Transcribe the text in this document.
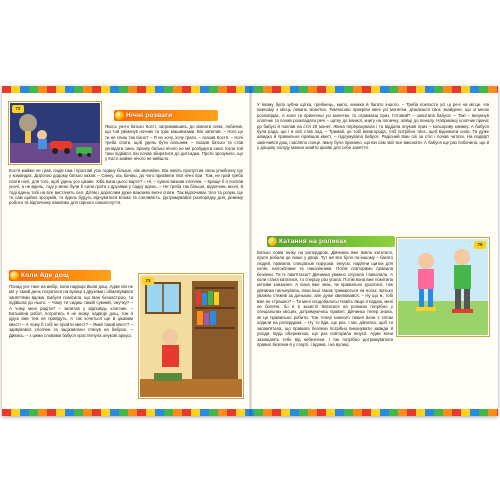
72
• Нічні розваги
Якось уночі батько Кості, затримавшись до кімнати сина, побачив, що той увімкнув ночник та грає машинками. Він запитав: – Чого це ти не спиш так пізно? – Я не хочу, хочу грати, – сказав Костя. – Ночі треба спати, щоб удень бути сильним, – сказав батько та став укладати сина. Зранку батько нічого не міг розбудити сина. Коли той таки підвівся, він почав збиратися до дитсадка. Проте зрозуміло, що у Кості майже нічого не вийшло.
Костя майже не грав, сидів сам і проспав усю годину більше, ніж звичайно. Він навіть пропустив свою улюблену гру у командах. Дорогою додому батько казав: – Синку, ось бачиш, до чого призвели твої нічні ігри. Тож, не грай треба спати ночі, для того, щоб удень усе цікаве. Хіба вона цього варте? – Ні, – сумно визнав хлопчик. – Краще б я поспав уночі, а не вдень, тоді у мене були б сили грати з друзями у садку вдень. – Не треба так більше, відпочинь вночі, й тоді вдень тобі на все вистачить сил. Дітям і дорослим дуже важливо вночі спати. Так відпочиває тіло та розум. Це ти сам щойно зрозумів, то вдень будуть відчуватися втома та сонливість. Дотримувайся розпорядку дня, режиму роботи та відпочинку важливо для гарного самопочуття.
• Коли йде дощ
Понад усе таке на вибір, коли надворі йшов дощ. Адже він не міг у такий день погратися на вулиці з друзями і обмежувався заняттями вдома. Бабуся помітила, що Іван безнастрою, та підійшла до нього. – Чому ти сидиш такий сумний, онучку? – А чому мені радіти? – запитав у відповідь хлопчик. – Батьківна робот, погратись я не можу, надворі дощ, тож я друзі вже теж не прийдуть. А так хочеться ще й цікавим квест! – А чому б тобі не пройти квест? – Який такий квест? – здивувався хлопчик та зацікавлено глянув на бабусю. – Дивись, – з цими словами бабуся простягнула онукові аркуш.
73
У якому була зубна щітка, гребінець, мило, книжка й багато іншого. – Треба покласти усі ці речі на місце. На кожному з місць лежить монетка. Тимчасово прикріпи мені усі монетки, дізнаєшся своє знайдене, що зі мною розповідає. А коли ти принесеш усі монетки, то отримаєш приз. Готовий? – запитала бабуся. – Так! – вигукнув хлопчик та почав розкладати речі – щітку до ванної, книгу на поличку, олівці до пеналу. Наприкінці хлопчик приніс до бабусі й поклав на стіл 20 монет. Жінка перерахувала і та віддала онукові приз – кольорову книжку. А бабуся була рада, що і в хаті став лад. – Тримай, це тобі винагорода, тобі потрібно твоє, щоб відновити сили. Ти дуже швидко й правильно пройшов квест, – підсумувала бабуся. Радісний Іван сів за стіл і почав читати. На подвір'ї закінчився дощ і засяяло сонце. Івану було приємно, що він сам зміг все виконати. А бабуся ще раз побачила, що й у дощову погоду можна знайти цікаве для себе заняття.
• Катання на роликах	75
Батько повів Іннку на ролердром. Дівчинка вже вміла кататися, проте робила це лише у дворі. Тут же все було по-іншому – багато людей, правила, спеціальні порушки. Іннусю, надягни щитки для колін, налокітники та наколінники. Потім повторимо правила безпеки. Ти їх пам'ятаєш? Дівчинка уважно слухала і виконала. А коли стала кататися, то спершу раз упала. Потім вона вже помітила мотиви ковзання. А вона вже знає, як правильно рухатися, тож дівчинка пильнувала, поки інші також тримаються на ногах. Батько уважно стежив за донькою, але дуже хвилювався. – Ну що ж, тобі вже не страшно? – Та мені сподобалось! Навіть якщо я падаю, мені не боляче, бо я в захисті! Кататися на роликах потрібно у спеціальних місцях, дотримуючись правил. Дівчинка тепер знала, як це правильно робити. Тож тепер кожного тижня вони з татом ходили на ролердром. – Ну то йди, ще раз. І ми, дівчатка, щоб ти запам'ятала, що правила безпеки потрібно виконувати завжди й усюди. Будь обережною, ще раз повторила Іннуся. Адже вони захищають тебе від небезпеки. І так потрібно дотримуватися правил безпеки й у спорті, і вдома, і на вулиці.
